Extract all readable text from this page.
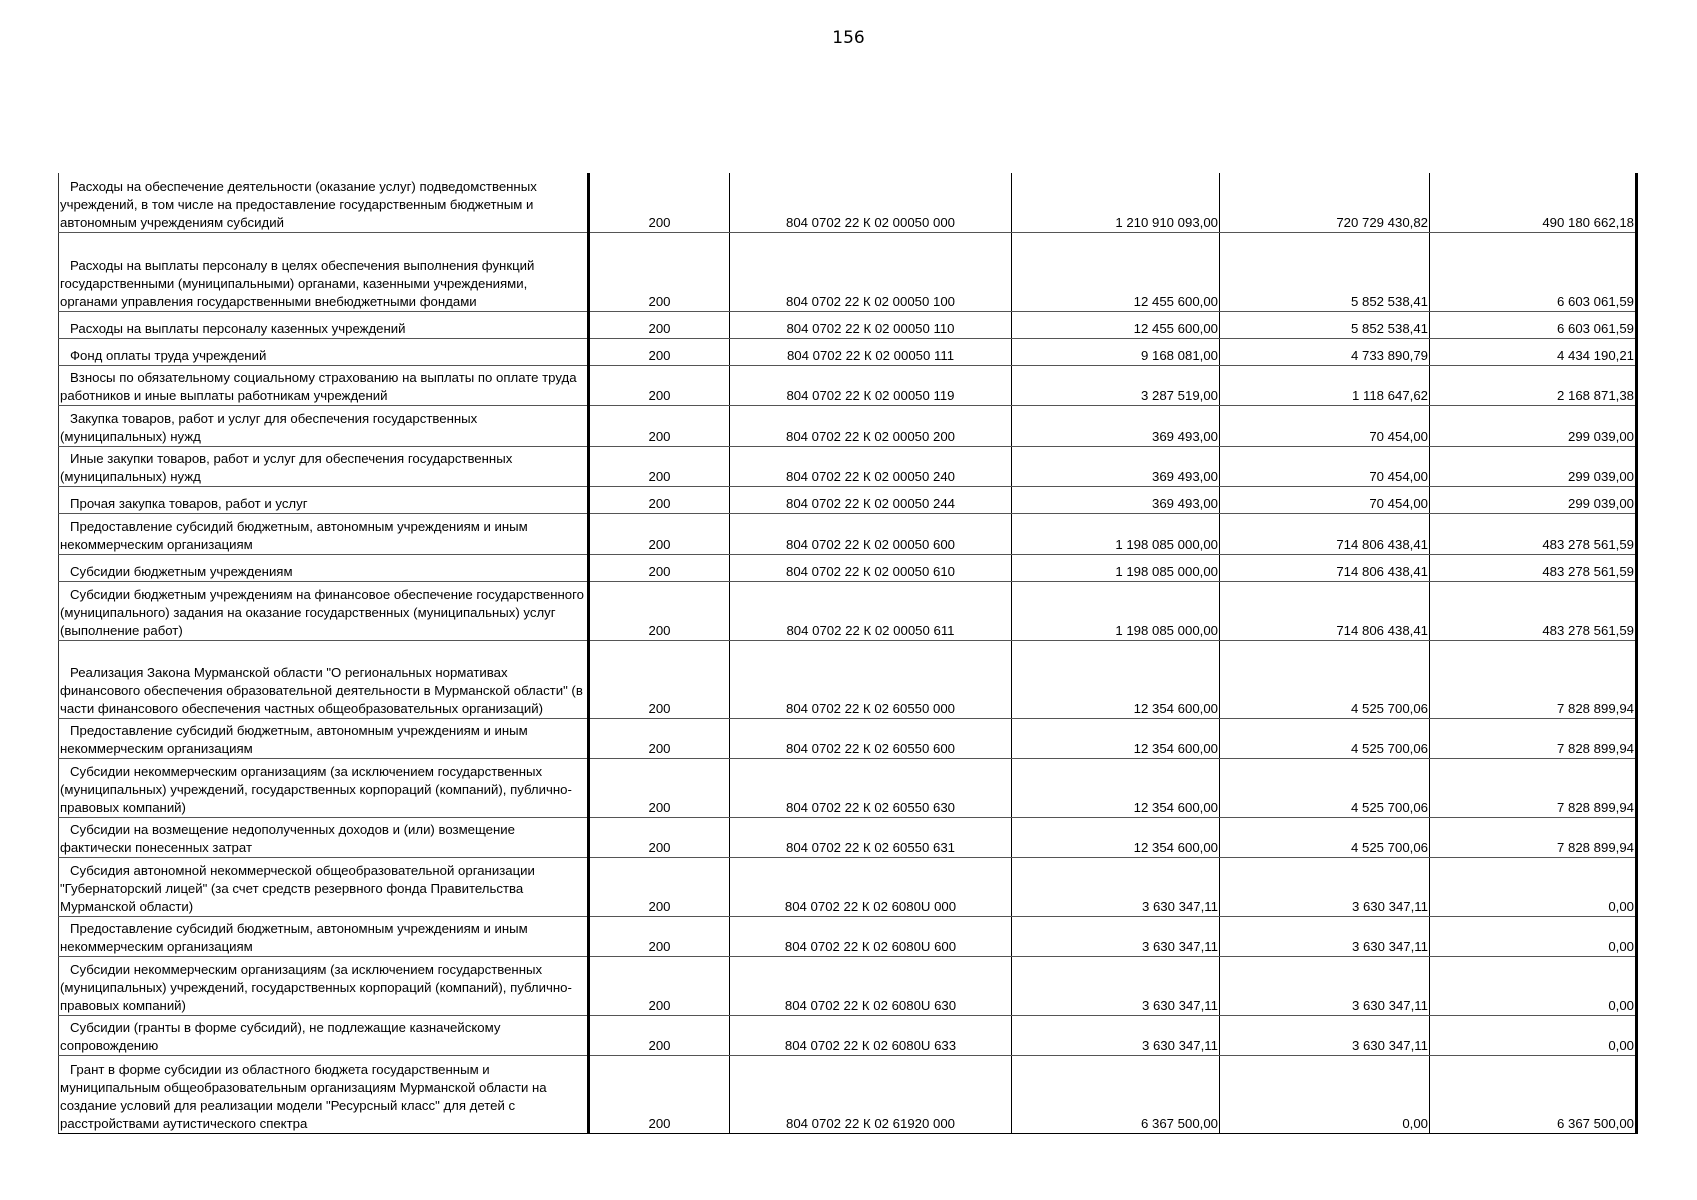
156
Расходы на обеспечение деятельности (оказание услуг) подведомственных учреждений, в том числе на предоставление государственным бюджетным и автономным учреждениям субсидий	200	804 0702 22 К 02 00050 000	1 210 910 093,00	720 729 430,82	490 180 662,18

Расходы на выплаты персоналу в целях обеспечения выполнения функций государственными (муниципальными) органами, казенными учреждениями, органами управления государственными внебюджетными фондами	200	804 0702 22 К 02 00050 100	12 455 600,00	5 852 538,41	6 603 061,59

Расходы на выплаты персоналу казенных учреждений	200	804 0702 22 К 02 00050 110	12 455 600,00	5 852 538,41	6 603 061,59

Фонд оплаты труда учреждений	200	804 0702 22 К 02 00050 111	9 168 081,00	4 733 890,79	4 434 190,21

Взносы по обязательному социальному страхованию на выплаты по оплате труда работников и иные выплаты работникам учреждений	200	804 0702 22 К 02 00050 119	3 287 519,00	1 118 647,62	2 168 871,38

Закупка товаров, работ и услуг для обеспечения государственных (муниципальных) нужд	200	804 0702 22 К 02 00050 200	369 493,00	70 454,00	299 039,00

Иные закупки товаров, работ и услуг для обеспечения государственных (муниципальных) нужд	200	804 0702 22 К 02 00050 240	369 493,00	70 454,00	299 039,00

Прочая закупка товаров, работ и услуг	200	804 0702 22 К 02 00050 244	369 493,00	70 454,00	299 039,00

Предоставление субсидий бюджетным, автономным учреждениям и иным некоммерческим организациям	200	804 0702 22 К 02 00050 600	1 198 085 000,00	714 806 438,41	483 278 561,59

Субсидии бюджетным учреждениям	200	804 0702 22 К 02 00050 610	1 198 085 000,00	714 806 438,41	483 278 561,59

Субсидии бюджетным учреждениям на финансовое обеспечение государственного (муниципального) задания на оказание государственных (муниципальных) услуг (выполнение работ)	200	804 0702 22 К 02 00050 611	1 198 085 000,00	714 806 438,41	483 278 561,59

Реализация Закона Мурманской области "О региональных нормативах финансового обеспечения образовательной деятельности в Мурманской области" (в части финансового обеспечения частных общеобразовательных организаций)	200	804 0702 22 К 02 60550 000	12 354 600,00	4 525 700,06	7 828 899,94

Предоставление субсидий бюджетным, автономным учреждениям и иным некоммерческим организациям	200	804 0702 22 К 02 60550 600	12 354 600,00	4 525 700,06	7 828 899,94

Субсидии некоммерческим организациям (за исключением государственных (муниципальных) учреждений, государственных корпораций (компаний), публично-правовых компаний)	200	804 0702 22 К 02 60550 630	12 354 600,00	4 525 700,06	7 828 899,94

Субсидии на возмещение недополученных доходов и (или) возмещение фактически понесенных затрат	200	804 0702 22 К 02 60550 631	12 354 600,00	4 525 700,06	7 828 899,94

Субсидия автономной некоммерческой общеобразовательной организации "Губернаторский лицей" (за счет средств резервного фонда Правительства Мурманской области)	200	804 0702 22 К 02 6080U 000	3 630 347,11	3 630 347,11	0,00

Предоставление субсидий бюджетным, автономным учреждениям и иным некоммерческим организациям	200	804 0702 22 К 02 6080U 600	3 630 347,11	3 630 347,11	0,00

Субсидии некоммерческим организациям (за исключением государственных (муниципальных) учреждений, государственных корпораций (компаний), публично-правовых компаний)	200	804 0702 22 К 02 6080U 630	3 630 347,11	3 630 347,11	0,00

Субсидии (гранты в форме субсидий), не подлежащие казначейскому сопровождению	200	804 0702 22 К 02 6080U 633	3 630 347,11	3 630 347,11	0,00

Грант в форме субсидии из областного бюджета государственным и муниципальным общеобразовательным организациям Мурманской области на создание условий для реализации модели "Ресурсный класс" для детей с расстройствами аутистического спектра	200	804 0702 22 К 02 61920 000	6 367 500,00	0,00	6 367 500,00
